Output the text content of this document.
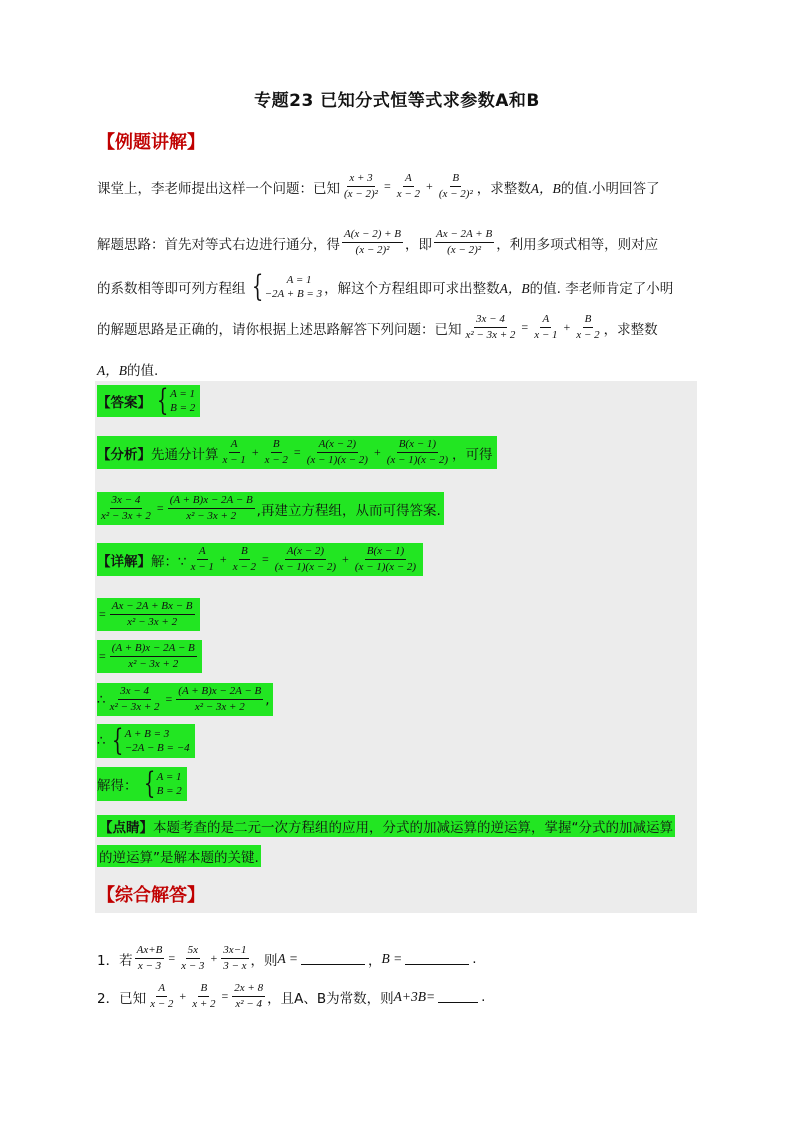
专题23 已知分式恒等式求参数A和B
【例题讲解】
课堂上，李老师提出这样一个问题：已知 $\frac{x + 3}{\text{(x − 2)²}} = \frac{A}{x - 2} + \frac{B}{\text{(x − 2)²}}$ ，求整数 A，B 的值.小明回答了
解题思路：首先对等式右边进行通分，得 $\frac{A(x - 2) + B}{\text{(x − 2)²}}$ ，即 $\frac{Ax - 2A + B}{\text{(x − 2)²}}$ ，利用多项式相等，则对应
的系数相等即可列方程组 {	A = 1
−2A + B = 3 ，解这个方程组即可求出整数 A，B 的值. 李老师肯定了小明
的解题思路是正确的，请你根据上述思路解答下列问题：已知 $\frac{3x - 4}{\text{x² − 3x + 2}} = \frac{A}{x - 1} + \frac{B}{x - 2}$ ，求整数
A，B 的值.
【答案】 { A = 1
B = 2
【分析】 先通分计算 $\frac{A}{x - 1} + \frac{B}{x - 2} = \frac{A(x - 2)}{(x - 1)(x - 2)} + \frac{B(x - 1)}{(x - 1)(x - 2)}$ ，可得
$\frac{3x - 4}{\text{x² − 3x + 2}} = \frac{(A + B)x - 2A - B}{\text{x² − 3x + 2}}$ ,再建立方程组，从而可得答案.
【详解】 解：∵ $\frac{A}{x - 1} + \frac{B}{x - 2} = \frac{A(x - 2)}{(x - 1)(x - 2)} + \frac{B(x - 1)}{(x - 1)(x - 2)}$
= $\frac{Ax - 2A + Bx - B}{\text{x² − 3x + 2}}$
= $\frac{(A + B)x - 2A - B}{\text{x² − 3x + 2}}$
∴ $\frac{3x - 4}{\text{x² − 3x + 2}} = \frac{(A + B)x - 2A - B}{\text{x² − 3x + 2}}$ ,
∴ { A + B = 3
−2A − B = −4
解得： { A = 1
B = 2
【点睛】 本题考查的是二元一次方程组的应用，分式的加减运算的逆运算，掌握“分式的加减运算
的逆运算”是解本题的关键.
【综合解答】
1．若 $\frac{Ax+B}{x - 3} = \frac{5x}{x - 3} + \frac{3x-1}{3 - x}$ ，则 A =	， B =	.
2．已知 $\frac{A}{x - 2} + \frac{B}{x + 2} = \frac{2x + 8}{\text{x² − 4}}$ ，且A、B为常数，则 A+3B=	.
